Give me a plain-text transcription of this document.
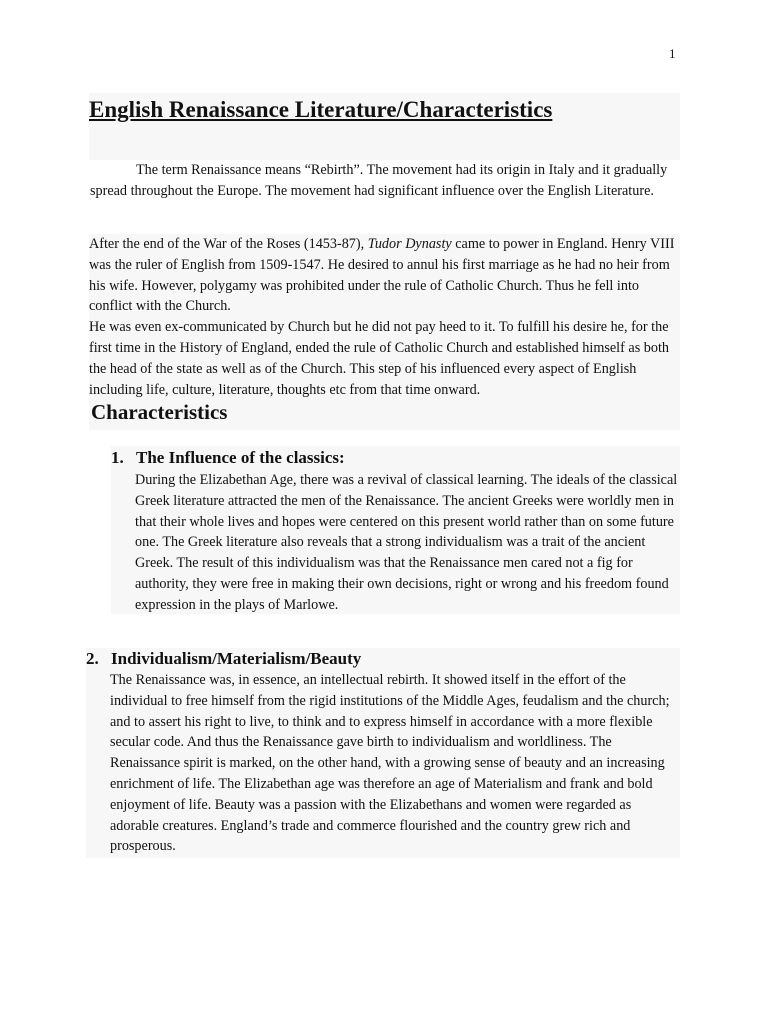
1
English Renaissance Literature/Characteristics

The term Renaissance means “Rebirth”. The movement had its origin in Italy and it gradually spread throughout the Europe. The movement had significant influence over the English Literature.

After the end of the War of the Roses (1453-87), Tudor Dynasty came to power in England. Henry VIII was the ruler of English from 1509-1547. He desired to annul his first marriage as he had no heir from his wife. However, polygamy was prohibited under the rule of Catholic Church. Thus he fell into conflict with the Church.

He was even ex-communicated by Church but he did not pay heed to it. To fulfill his desire he, for the first time in the History of England, ended the rule of Catholic Church and established himself as both the head of the state as well as of the Church. This step of his influenced every aspect of English including life, culture, literature, thoughts etc from that time onward.

Characteristics
1. The Influence of the classics:

During the Elizabethan Age, there was a revival of classical learning. The ideals of the classical Greek literature attracted the men of the Renaissance. The ancient Greeks were worldly men in that their whole lives and hopes were centered on this present world rather than on some future one. The Greek literature also reveals that a strong individualism was a trait of the ancient Greek. The result of this individualism was that the Renaissance men cared not a fig for authority, they were free in making their own decisions, right or wrong and his freedom found expression in the plays of Marlowe.

2. Individualism/Materialism/Beauty

The Renaissance was, in essence, an intellectual rebirth. It showed itself in the effort of the individual to free himself from the rigid institutions of the Middle Ages, feudalism and the church; and to assert his right to live, to think and to express himself in accordance with a more flexible secular code. And thus the Renaissance gave birth to individualism and worldliness. The Renaissance spirit is marked, on the other hand, with a growing sense of beauty and an increasing enrichment of life. The Elizabethan age was therefore an age of Materialism and frank and bold enjoyment of life. Beauty was a passion with the Elizabethans and women were regarded as adorable creatures. England’s trade and commerce flourished and the country grew rich and prosperous.
